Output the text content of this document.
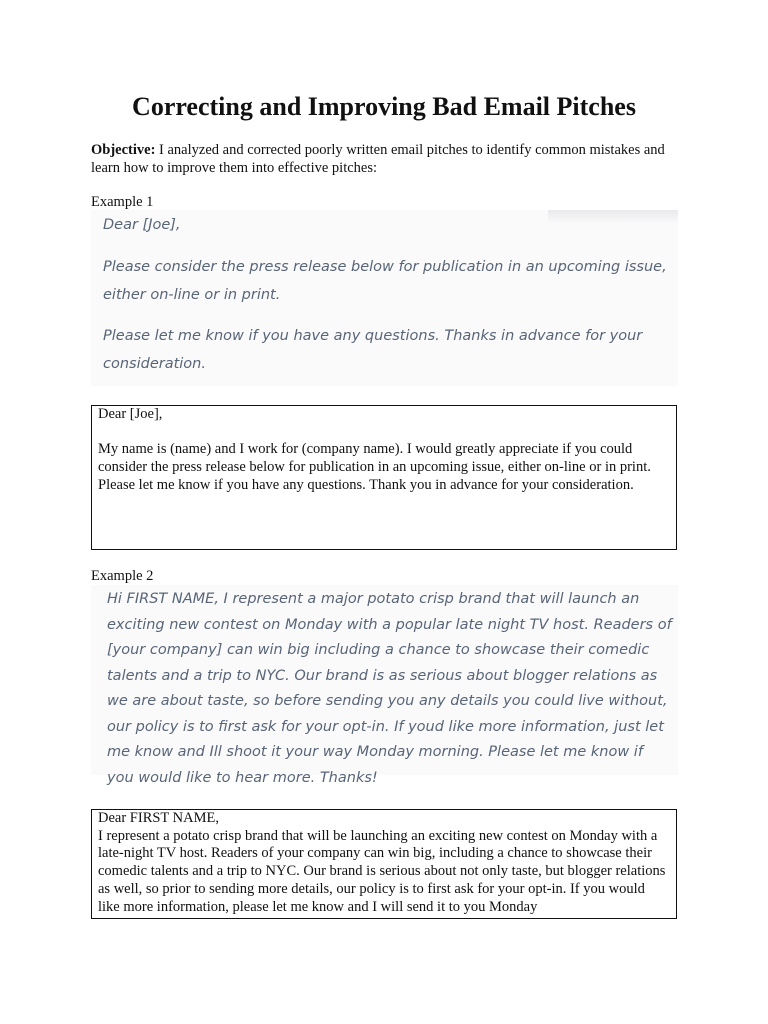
Correcting and Improving Bad Email Pitches

Objective: I analyzed and corrected poorly written email pitches to identify common mistakes and learn how to improve them into effective pitches:

Example 1

Dear [Joe],

Please consider the press release below for publication in an upcoming issue, either on-line or in print.

Please let me know if you have any questions. Thanks in advance for your consideration.

Dear [Joe],

My name is (name) and I work for (company name). I would greatly appreciate if you could consider the press release below for publication in an upcoming issue, either on-line or in print. Please let me know if you have any questions. Thank you in advance for your consideration.

Example 2

Hi FIRST NAME, I represent a major potato crisp brand that will launch an exciting new contest on Monday with a popular late night TV host. Readers of [your company] can win big including a chance to showcase their comedic talents and a trip to NYC. Our brand is as serious about blogger relations as we are about taste, so before sending you any details you could live without, our policy is to first ask for your opt-in. If youd like more information, just let me know and Ill shoot it your way Monday morning. Please let me know if you would like to hear more. Thanks!

Dear FIRST NAME,

I represent a potato crisp brand that will be launching an exciting new contest on Monday with a late-night TV host. Readers of your company can win big, including a chance to showcase their comedic talents and a trip to NYC. Our brand is serious about not only taste, but blogger relations as well, so prior to sending more details, our policy is to first ask for your opt-in. If you would like more information, please let me know and I will send it to you Monday
